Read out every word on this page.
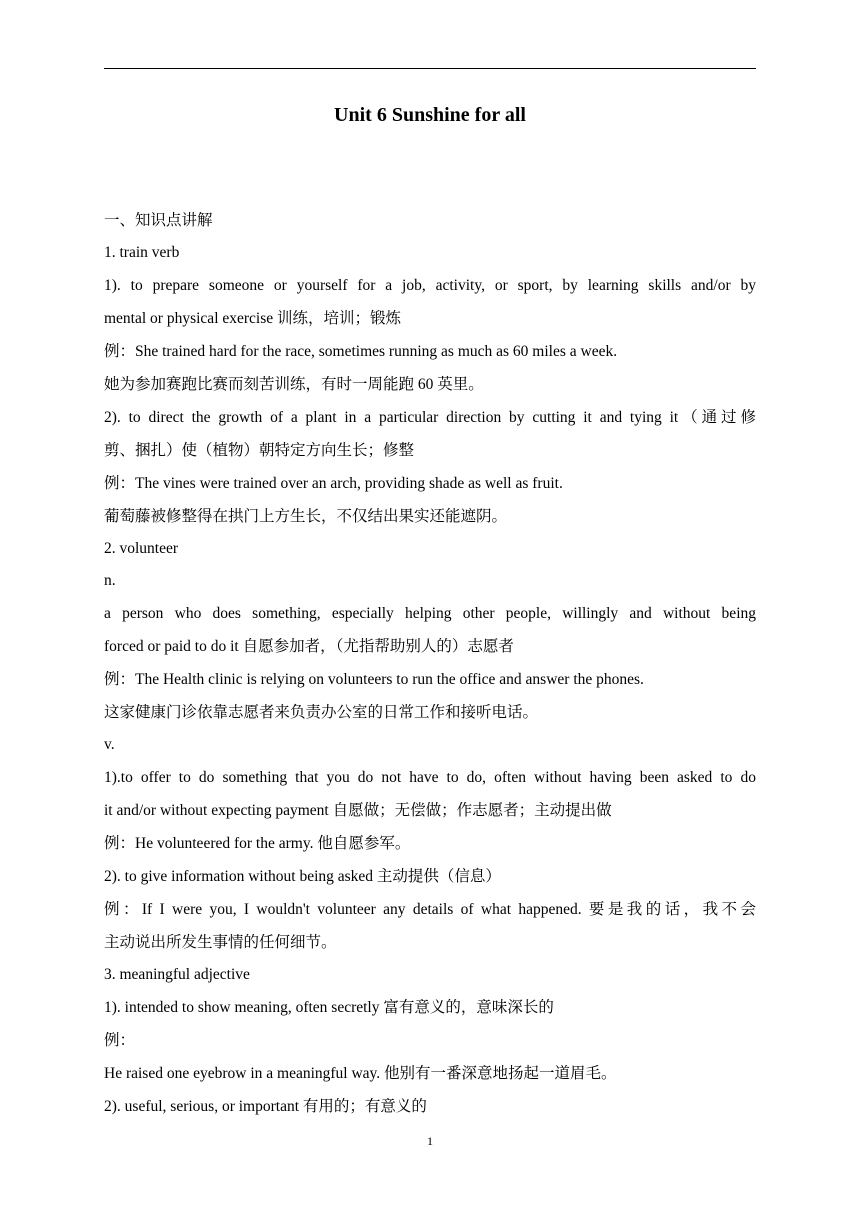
Unit 6 Sunshine for all
一、知识点讲解
1. train verb
1). to prepare someone or yourself for a job, activity, or sport, by learning skills and/or by
mental or physical exercise 训练，培训；锻炼
例：She trained hard for the race, sometimes running as much as 60 miles a week.
她为参加赛跑比赛而刻苦训练，有时一周能跑 60 英里。
2). to direct the growth of a plant in a particular direction by cutting it and tying it（通过修
剪、捆扎）使（植物）朝特定方向生长；修整
例：The vines were trained over an arch, providing shade as well as fruit.
葡萄藤被修整得在拱门上方生长，不仅结出果实还能遮阴。
2. volunteer
n.
a person who does something, especially helping other people, willingly and without being
forced or paid to do it 自愿参加者，（尤指帮助别人的）志愿者
例：The Health clinic is relying on volunteers to run the office and answer the phones.
这家健康门诊依靠志愿者来负责办公室的日常工作和接听电话。
v.
1).to offer to do something that you do not have to do, often without having been asked to do
it and/or without expecting payment 自愿做；无偿做；作志愿者；主动提出做
例：He volunteered for the army. 他自愿参军。
2). to give information without being asked 主动提供（信息）
例：If I were you, I wouldn't volunteer any details of what happened. 要是我的话，我不会
主动说出所发生事情的任何细节。
3. meaningful adjective
1). intended to show meaning, often secretly 富有意义的，意味深长的
例：
He raised one eyebrow in a meaningful way. 他别有一番深意地扬起一道眉毛。
2). useful, serious, or important 有用的；有意义的
1
